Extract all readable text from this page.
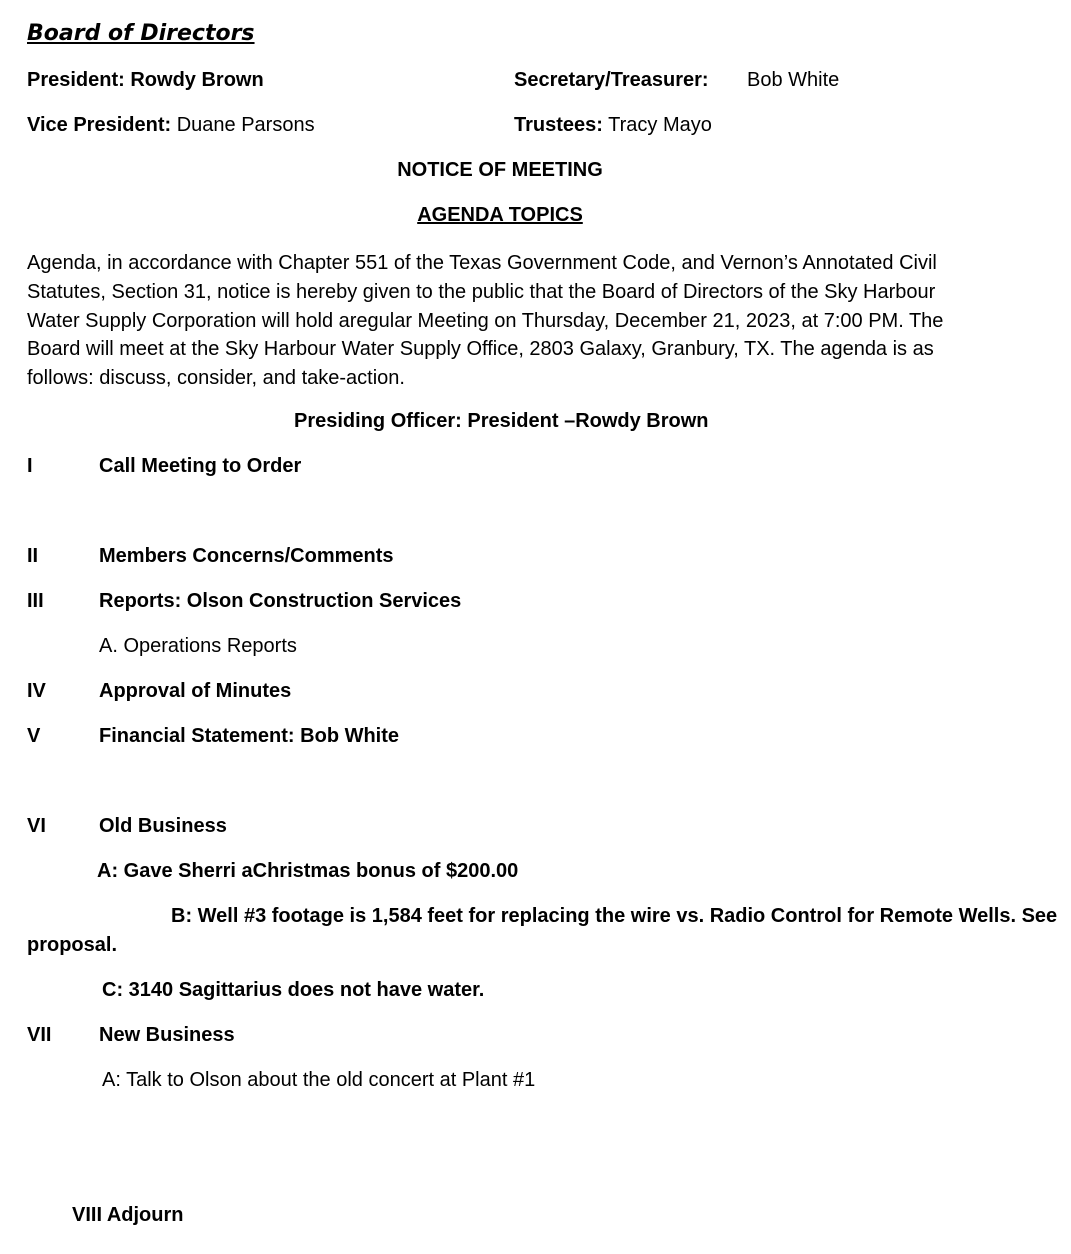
Board of Directors
President: Rowdy Brown	Secretary/Treasurer: Bob White
Vice President: Duane Parsons	Trustees: Tracy Mayo
NOTICE OF MEETING
AGENDA TOPICS
Agenda, in accordance with Chapter 551 of the Texas Government Code, and Vernon’s Annotated Civil Statutes, Section 31, notice is hereby given to the public that the Board of Directors of the Sky Harbour Water Supply Corporation will hold aregular Meeting on Thursday, December 21, 2023, at 7:00 PM. The Board will meet at the Sky Harbour Water Supply Office, 2803 Galaxy, Granbury, TX. The agenda is as follows: discuss, consider, and take-action.
Presiding Officer: President –Rowdy Brown
I	Call Meeting to Order
II	Members Concerns/Comments
III	Reports: Olson Construction Services
A. Operations Reports
IV	Approval of Minutes
V	Financial Statement: Bob White
VI	Old Business
A: Gave Sherri aChristmas bonus of $200.00
B: Well #3 footage is 1,584 feet for replacing the wire vs. Radio Control for Remote Wells. See
proposal.
C: 3140 Sagittarius does not have water.
VII New Business
A: Talk to Olson about the old concert at Plant #1
VIII Adjourn
